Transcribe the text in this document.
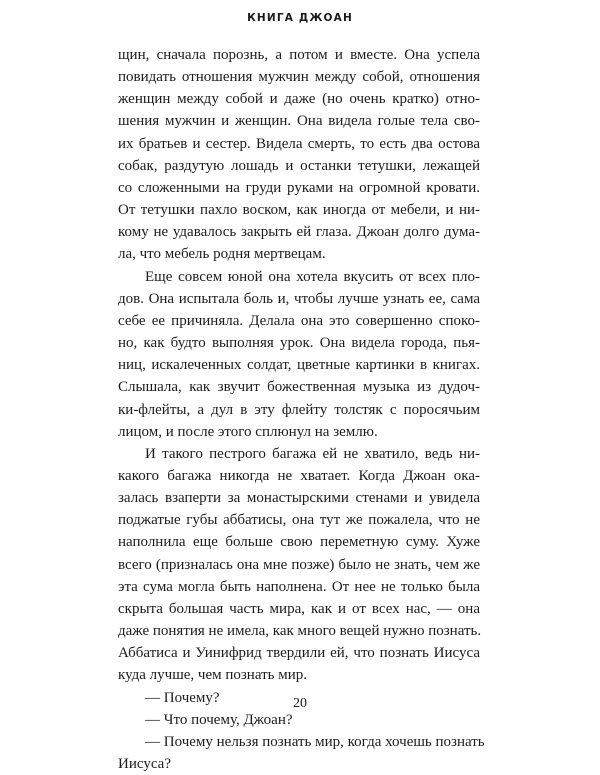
КНИГА ДЖОАН

щин, сначала порознь, а потом и вместе. Она успела
повидать отношения мужчин между собой, отношения
женщин между собой и даже (но очень кратко) отно-
шения мужчин и женщин. Она видела голые тела сво-
их братьев и сестер. Видела смерть, то есть два остова
собак, раздутую лошадь и останки тетушки, лежащей
со сложенными на груди руками на огромной кровати.
От тетушки пахло воском, как иногда от мебели, и ни-
кому не удавалось закрыть ей глаза. Джоан долго дума-
ла, что мебель родня мертвецам.

Еще совсем юной она хотела вкусить от всех пло-
дов. Она испытала боль и, чтобы лучше узнать ее, сама
себе ее причиняла. Делала она это совершенно споко-
но, как будто выполняя урок. Она видела города, пья-
ниц, искалеченных солдат, цветные картинки в книгах.
Слышала, как звучит божественная музыка из дудоч-
ки-флейты, а дул в эту флейту толстяк с поросячьим
лицом, и после этого сплюнул на землю.

И такого пестрого багажа ей не хватило, ведь ни-
какого багажа никогда не хватает. Когда Джоан ока-
залась взаперти за монастырскими стенами и увидела
поджатые губы аббатисы, она тут же пожалела, что не
наполнила еще больше свою переметную суму. Хуже
всего (призналась она мне позже) было не знать, чем же
эта сума могла быть наполнена. От нее не только была
скрыта большая часть мира, как и от всех нас, — она
даже понятия не имела, как много вещей нужно познать.
Аббатиса и Уинифрид твердили ей, что познать Иисуса
куда лучше, чем познать мир.

— Почему?

— Что почему, Джоан?

— Почему нельзя познать мир, когда хочешь познать
Иисуса?

20
